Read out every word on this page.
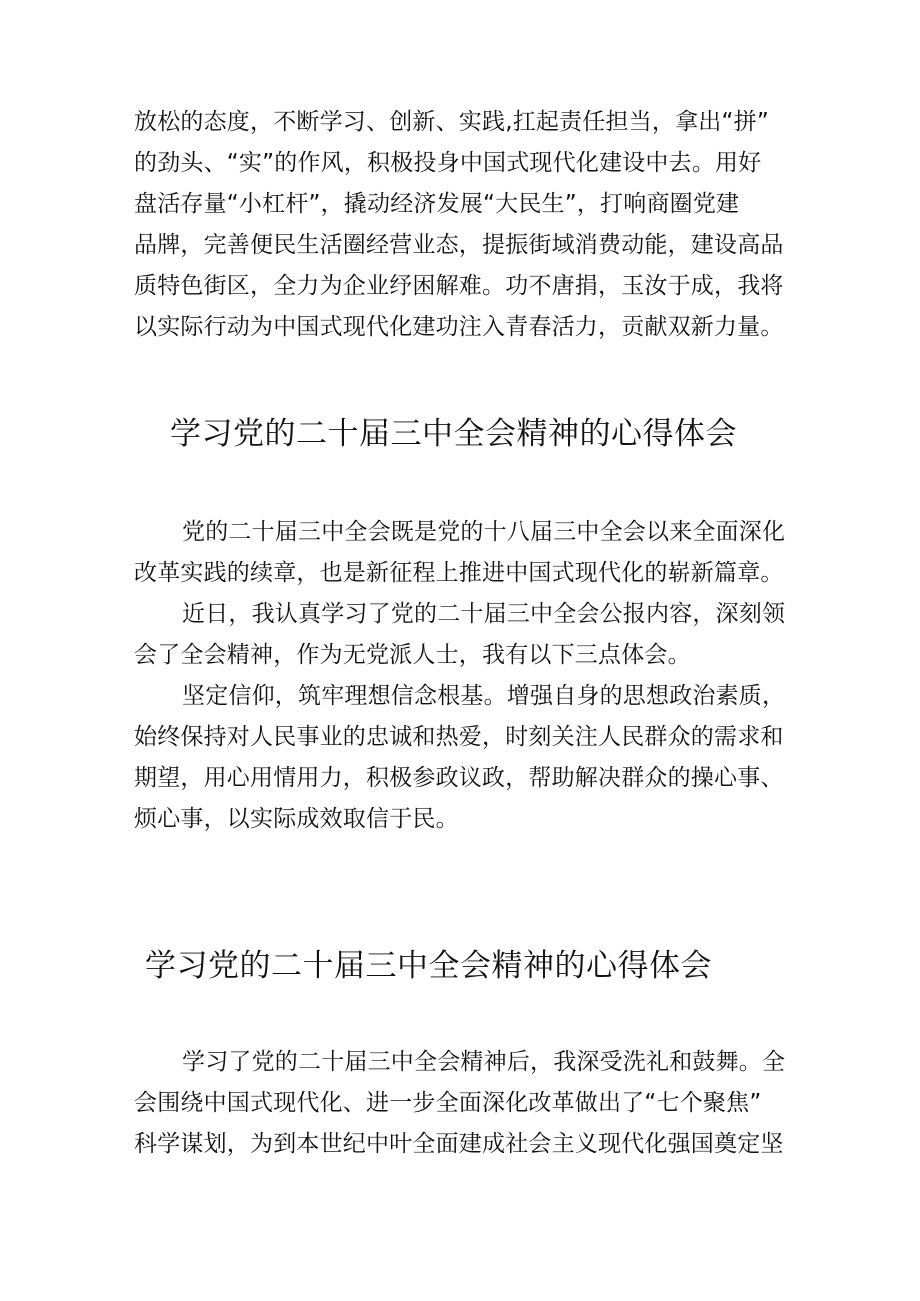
放松的态度，不断学习、创新、实践,扛起责任担当，拿出“拼”
的劲头、“实”的作风，积极投身中国式现代化建设中去。用好
盘活存量“小杠杆”，撬动经济发展“大民生”，打响商圈党建
品牌，完善便民生活圈经营业态，提振街域消费动能，建设高品
质特色街区，全力为企业纾困解难。功不唐捐，玉汝于成，我将
以实际行动为中国式现代化建功注入青春活力，贡献双新力量。
学习党的二十届三中全会精神的心得体会
党的二十届三中全会既是党的十八届三中全会以来全面深化
改革实践的续章，也是新征程上推进中国式现代化的崭新篇章。
近日，我认真学习了党的二十届三中全会公报内容，深刻领
会了全会精神，作为无党派人士，我有以下三点体会。
坚定信仰，筑牢理想信念根基。增强自身的思想政治素质，
始终保持对人民事业的忠诚和热爱，时刻关注人民群众的需求和
期望，用心用情用力，积极参政议政，帮助解决群众的操心事、
烦心事，以实际成效取信于民。
学习党的二十届三中全会精神的心得体会
学习了党的二十届三中全会精神后，我深受洗礼和鼓舞。全
会围绕中国式现代化、进一步全面深化改革做出了“七个聚焦”
科学谋划，为到本世纪中叶全面建成社会主义现代化强国奠定坚
